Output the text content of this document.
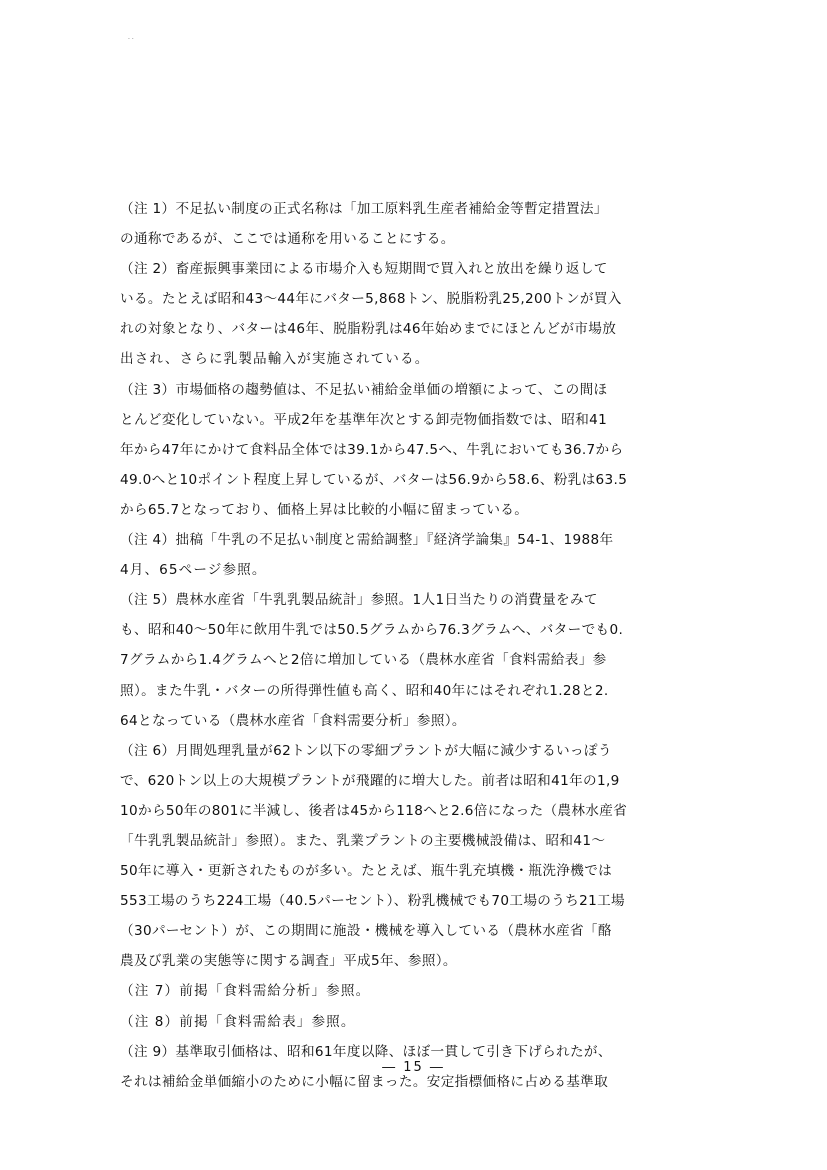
· ·
（注 1）不足払い制度の正式名称は「加工原料乳生産者補給金等暫定措置法」
の通称であるが、ここでは通称を用いることにする。
（注 2）畜産振興事業団による市場介入も短期間で買入れと放出を繰り返して
いる。たとえば昭和43～44年にバター5,868トン、脱脂粉乳25,200トンが買入
れの対象となり、バターは46年、脱脂粉乳は46年始めまでにほとんどが市場放
出され、さらに乳製品輸入が実施されている。
（注 3）市場価格の趨勢値は、不足払い補給金単価の増額によって、この間ほ
とんど変化していない。平成2年を基準年次とする卸売物価指数では、昭和41
年から47年にかけて食料品全体では39.1から47.5へ、牛乳においても36.7から
49.0へと10ポイント程度上昇しているが、バターは56.9から58.6、粉乳は63.5
から65.7となっており、価格上昇は比較的小幅に留まっている。
（注 4）拙稿「牛乳の不足払い制度と需給調整」『経済学論集』54-1、1988年
4月、65ページ参照。
（注 5）農林水産省「牛乳乳製品統計」参照。1人1日当たりの消費量をみて
も、昭和40～50年に飲用牛乳では50.5グラムから76.3グラムへ、バターでも0.
7グラムから1.4グラムへと2倍に増加している（農林水産省「食料需給表」参
照）。また牛乳・バターの所得弾性値も高く、昭和40年にはそれぞれ1.28と2.
64となっている（農林水産省「食料需要分析」参照）。
（注 6）月間処理乳量が62トン以下の零細プラントが大幅に減少するいっぽう
で、620トン以上の大規模プラントが飛躍的に増大した。前者は昭和41年の1,9
10から50年の801に半減し、後者は45から118へと2.6倍になった（農林水産省
「牛乳乳製品統計」参照）。また、乳業プラントの主要機械設備は、昭和41～
50年に導入・更新されたものが多い。たとえば、瓶牛乳充填機・瓶洗浄機では
553工場のうち224工場（40.5パーセント）、粉乳機械でも70工場のうち21工場
（30パーセント）が、この期間に施設・機械を導入している（農林水産省「酪
農及び乳業の実態等に関する調査」平成5年、参照）。
（注 7）前掲「食料需給分析」参照。
（注 8）前掲「食料需給表」参照。
（注 9）基準取引価格は、昭和61年度以降、ほぼ一貫して引き下げられたが、
それは補給金単価縮小のために小幅に留まった。安定指標価格に占める基準取
― 15 ―
